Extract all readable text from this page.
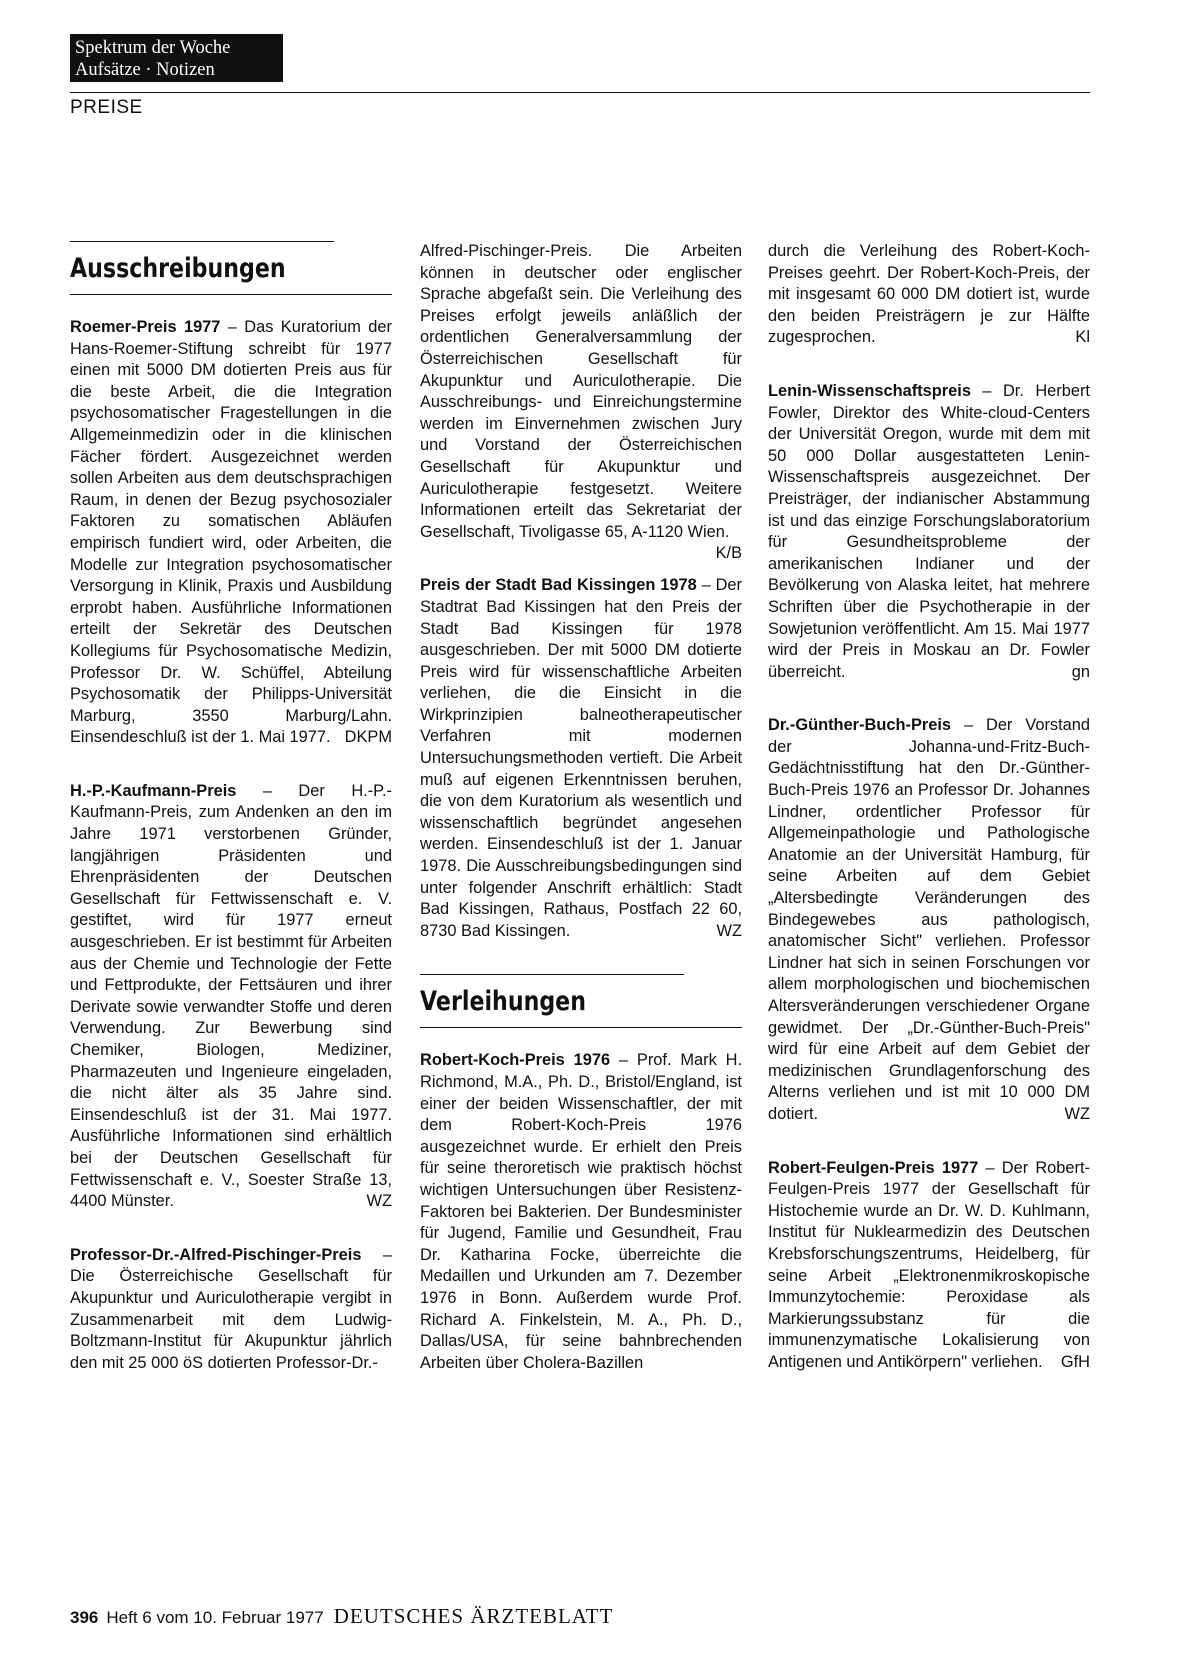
Spektrum der Woche
Aufsätze · Notizen
PREISE
Ausschreibungen

Roemer-Preis 1977 – Das Kuratorium der Hans-Roemer-Stiftung schreibt für 1977 einen mit 5000 DM dotierten Preis aus für die beste Arbeit, die die Integration psychosomatischer Fragestellungen in die Allgemeinmedizin oder in die klinischen Fächer fördert. Ausgezeichnet werden sollen Arbeiten aus dem deutschsprachigen Raum, in denen der Bezug psychosozialer Faktoren zu somatischen Abläufen empirisch fundiert wird, oder Arbeiten, die Modelle zur Integration psychosomatischer Versorgung in Klinik, Praxis und Ausbildung erprobt haben. Ausführliche Informationen erteilt der Sekretär des Deutschen Kollegiums für Psychosomatische Medizin, Professor Dr. W. Schüffel, Abteilung Psychosomatik der Philipps-Universität Marburg, 3550 Marburg/Lahn. Einsendeschluß ist der 1. Mai 1977. DKPM

H.-P.-Kaufmann-Preis – Der H.-P.-Kaufmann-Preis, zum Andenken an den im Jahre 1971 verstorbenen Gründer, langjährigen Präsidenten und Ehrenpräsidenten der Deutschen Gesellschaft für Fettwissenschaft e. V. gestiftet, wird für 1977 erneut ausgeschrieben. Er ist bestimmt für Arbeiten aus der Chemie und Technologie der Fette und Fettprodukte, der Fettsäuren und ihrer Derivate sowie verwandter Stoffe und deren Verwendung. Zur Bewerbung sind Chemiker, Biologen, Mediziner, Pharmazeuten und Ingenieure eingeladen, die nicht älter als 35 Jahre sind. Einsendeschluß ist der 31. Mai 1977. Ausführliche Informationen sind erhältlich bei der Deutschen Gesellschaft für Fettwissenschaft e. V., Soester Straße 13, 4400 Münster.	WZ

Professor-Dr.-Alfred-Pischinger-Preis – Die Österreichische Gesellschaft für Akupunktur und Auriculotherapie vergibt in Zusammenarbeit mit dem Ludwig-Boltzmann-Institut für Akupunktur jährlich den mit 25 000 öS dotierten Professor-Dr.-

Alfred-Pischinger-Preis. Die Arbeiten können in deutscher oder englischer Sprache abgefaßt sein. Die Verleihung des Preises erfolgt jeweils anläßlich der ordentlichen Generalversammlung der Österreichischen Gesellschaft für Akupunktur und Auriculotherapie. Die Ausschreibungs- und Einreichungstermine werden im Einvernehmen zwischen Jury und Vorstand der Österreichischen Gesellschaft für Akupunktur und Auriculotherapie festgesetzt. Weitere Informationen erteilt das Sekretariat der Gesellschaft, Tivoligasse 65, A-1120 Wien.
K/B

Preis der Stadt Bad Kissingen 1978 – Der Stadtrat Bad Kissingen hat den Preis der Stadt Bad Kissingen für 1978 ausgeschrieben. Der mit 5000 DM dotierte Preis wird für wissenschaftliche Arbeiten verliehen, die die Einsicht in die Wirkprinzipien balneotherapeutischer Verfahren mit modernen Untersuchungsmethoden vertieft. Die Arbeit muß auf eigenen Erkenntnissen beruhen, die von dem Kuratorium als wesentlich und wissenschaftlich begründet angesehen werden. Einsendeschluß ist der 1. Januar 1978. Die Ausschreibungsbedingungen sind unter folgender Anschrift erhältlich: Stadt Bad Kissingen, Rathaus, Postfach 22 60, 8730 Bad Kissingen.	WZ

Verleihungen

Robert-Koch-Preis 1976 – Prof. Mark H. Richmond, M.A., Ph. D., Bristol/England, ist einer der beiden Wissenschaftler, der mit dem Robert-Koch-Preis 1976 ausgezeichnet wurde. Er erhielt den Preis für seine theroretisch wie praktisch höchst wichtigen Untersuchungen über Resistenz-Faktoren bei Bakterien. Der Bundesminister für Jugend, Familie und Gesundheit, Frau Dr. Katharina Focke, überreichte die Medaillen und Urkunden am 7. Dezember 1976 in Bonn. Außerdem wurde Prof. Richard A. Finkelstein, M. A., Ph. D., Dallas/USA, für seine bahnbrechenden Arbeiten über Cholera-Bazillen

durch die Verleihung des Robert-Koch-Preises geehrt. Der Robert-Koch-Preis, der mit insgesamt 60 000 DM dotiert ist, wurde den beiden Preisträgern je zur Hälfte zugesprochen.	Kl

Lenin-Wissenschaftspreis – Dr. Herbert Fowler, Direktor des White-cloud-Centers der Universität Oregon, wurde mit dem mit 50 000 Dollar ausgestatteten Lenin-Wissenschaftspreis ausgezeichnet. Der Preisträger, der indianischer Abstammung ist und das einzige Forschungslaboratorium für Gesundheitsprobleme der amerikanischen Indianer und der Bevölkerung von Alaska leitet, hat mehrere Schriften über die Psychotherapie in der Sowjetunion veröffentlicht. Am 15. Mai 1977 wird der Preis in Moskau an Dr. Fowler überreicht.	gn

Dr.-Günther-Buch-Preis – Der Vorstand der Johanna-und-Fritz-Buch-Gedächtnisstiftung hat den Dr.-Günther-Buch-Preis 1976 an Professor Dr. Johannes Lindner, ordentlicher Professor für Allgemeinpathologie und Pathologische Anatomie an der Universität Hamburg, für seine Arbeiten auf dem Gebiet „Altersbedingte Veränderungen des Bindegewebes aus pathologisch, anatomischer Sicht" verliehen. Professor Lindner hat sich in seinen Forschungen vor allem morphologischen und biochemischen Altersveränderungen verschiedener Organe gewidmet. Der „Dr.-Günther-Buch-Preis" wird für eine Arbeit auf dem Gebiet der medizinischen Grundlagenforschung des Alterns verliehen und ist mit 10 000 DM dotiert.	WZ

Robert-Feulgen-Preis 1977 – Der Robert-Feulgen-Preis 1977 der Gesellschaft für Histochemie wurde an Dr. W. D. Kuhlmann, Institut für Nuklearmedizin des Deutschen Krebsforschungszentrums, Heidelberg, für seine Arbeit „Elektronenmikroskopische Immunzytochemie: Peroxidase als Markierungssubstanz für die immunenzymatische Lokalisierung von Antigenen und Antikörpern" verliehen.	GfH

396 Heft 6 vom 10. Februar 1977 DEUTSCHES ÄRZTEBLATT
